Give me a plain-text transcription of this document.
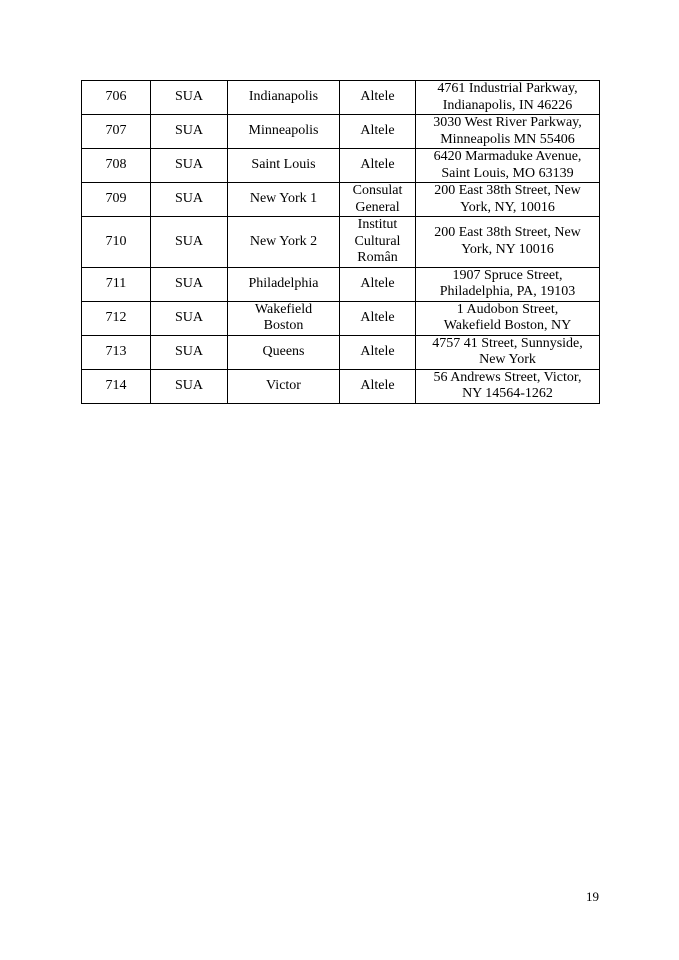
706	SUA	Indianapolis	Altele	4761 Industrial Parkway,
Indianapolis, IN 46226

707	SUA	Minneapolis	Altele	3030 West River Parkway,
Minneapolis MN 55406

708	SUA	Saint Louis	Altele	6420 Marmaduke Avenue,
Saint Louis, MO 63139

709	SUA	New York 1	Consulat
General	200 East 38th Street, New
York, NY, 10016

710	SUA	New York 2	Institut
Cultural
Român	200 East 38th Street, New
York, NY 10016

711	SUA	Philadelphia	Altele	1907 Spruce Street,
Philadelphia, PA, 19103

712	SUA	Wakefield
Boston	Altele	1 Audobon Street,
Wakefield Boston, NY

713	SUA	Queens	Altele	4757 41 Street, Sunnyside,
New York

714	SUA	Victor	Altele	56 Andrews Street, Victor,
NY 14564-1262
19
